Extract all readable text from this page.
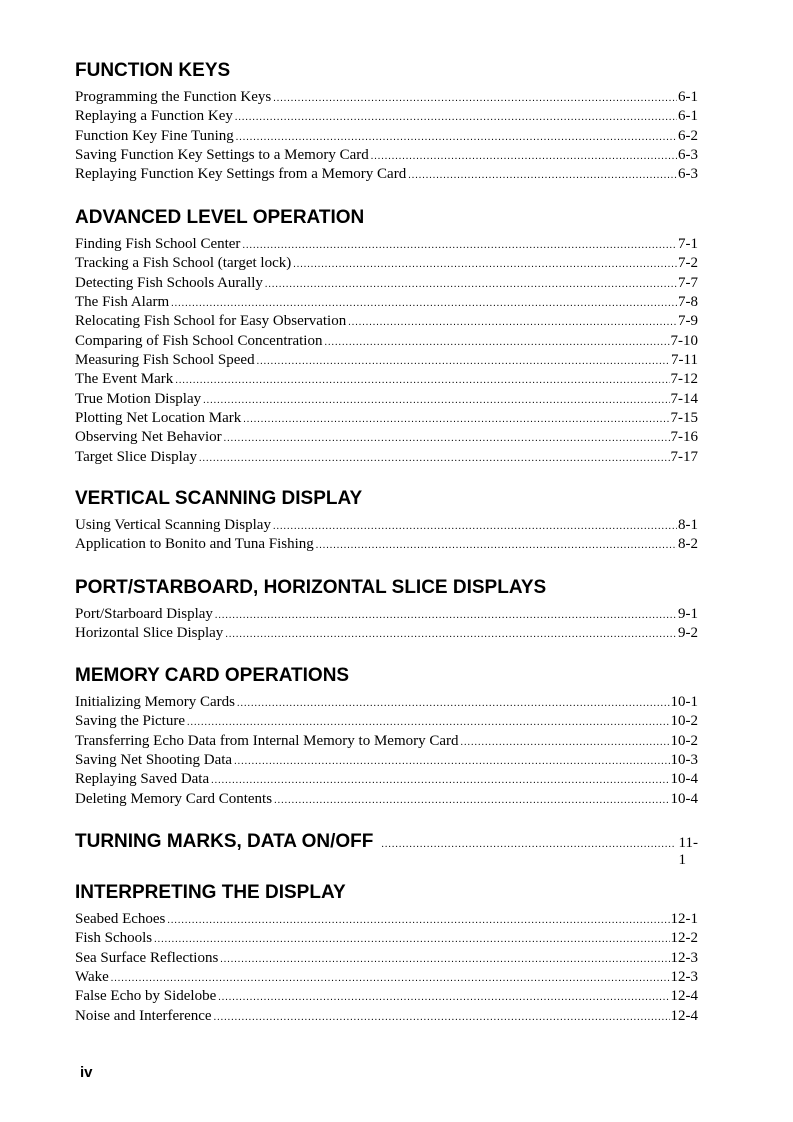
FUNCTION KEYS
Programming the Function Keys .....	6-1
Replaying a Function Key .....	6-1
Function Key Fine Tuning .....	6-2
Saving Function Key Settings to a Memory Card .....	6-3
Replaying Function Key Settings from a Memory Card .....	6-3
ADVANCED LEVEL OPERATION
Finding Fish School Center .....	7-1
Tracking a Fish School (target lock) .....	7-2
Detecting Fish Schools Aurally .....	7-7
The Fish Alarm .....	7-8
Relocating Fish School for Easy Observation .....	7-9
Comparing of Fish School Concentration .....	7-10
Measuring Fish School Speed .....	7-11
The Event Mark .....	7-12
True Motion Display .....	7-14
Plotting Net Location Mark .....	7-15
Observing Net Behavior .....	7-16
Target Slice Display .....	7-17
VERTICAL SCANNING DISPLAY
Using Vertical Scanning Display .....	8-1
Application to Bonito and Tuna Fishing .....	8-2
PORT/STARBOARD, HORIZONTAL SLICE DISPLAYS
Port/Starboard Display .....	9-1
Horizontal Slice Display .....	9-2
MEMORY CARD OPERATIONS
Initializing Memory Cards .....	10-1
Saving the Picture .....	10-2
Transferring Echo Data from Internal Memory to Memory Card .....	10-2
Saving Net Shooting Data .....	10-3
Replaying Saved Data .....	10-4
Deleting Memory Card Contents .....	10-4
TURNING MARKS, DATA ON/OFF .....	11-1
INTERPRETING THE DISPLAY
Seabed Echoes .....	12-1
Fish Schools .....	12-2
Sea Surface Reflections .....	12-3
Wake .....	12-3
False Echo by Sidelobe .....	12-4
Noise and Interference .....	12-4
iv
